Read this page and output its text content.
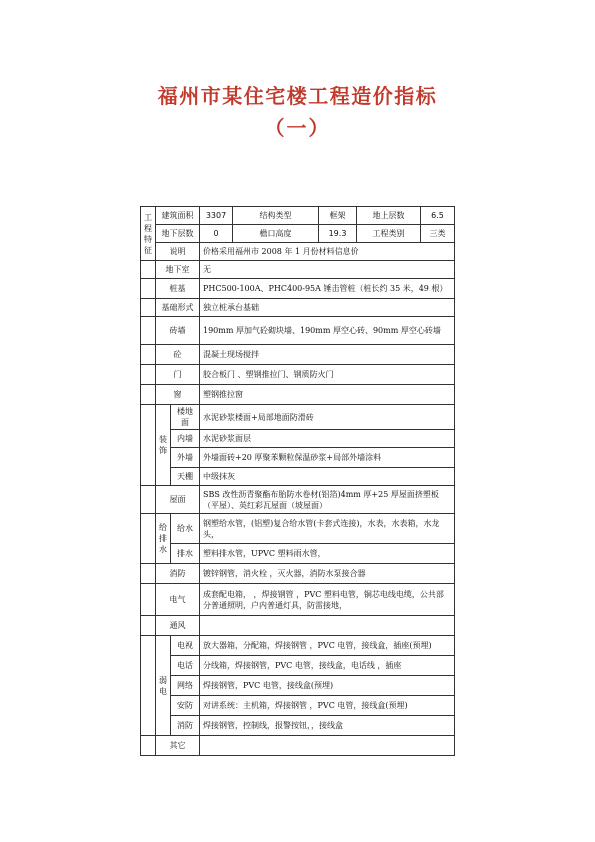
福州市某住宅楼工程造价指标
（一）
工程特征	建筑面积		3307	结构类型	框架	地上层数	6.5
	地下层数		0	檐口高度	19.3	工程类别	三类
	说明		价格采用福州市 2008 年 1 月份材料信息价				
	地下室		无				
	桩基		PHC500-100A、PHC400-95A 锤击管桩（桩长约 35 米，49 根）				
	基础形式		独立桩承台基础				
	砖墙		190mm 厚加气砼砌块墙、190mm 厚空心砖、90mm 厚空心砖墙				
	砼		混凝土现场搅拌				
	门		胶合板门 、塑钢推拉门、钢质防火门				
	窗		塑钢推拉窗				
	装饰	楼地面	水泥砂浆楼面+局部地面防滑砖				
		内墙	水泥砂浆面层				
		外墙	外墙面砖+20 厚聚苯颗粒保温砂浆+局部外墙涂料				
		天棚	中级抹灰				
	屋面		SBS 改性沥青聚酯布胎防水卷材(铝箔)4mm 厚+25 厚屋面挤塑板（平屋）、英红彩瓦屋面（坡屋面）				
	给排水	给水	钢塑给水管，(铝塑)复合给水管(卡套式连接)，水表，水表箱，水龙头，				
		排水	塑料排水管，UPVC 塑料雨水管，				
	消防		镀锌钢管，消火栓 ，灭火器，消防水泵接合器				
	电气		成套配电箱， ，焊接钢管 ，PVC 塑料电管，铜芯电线电缆，公共部分普通照明，户内普通灯具，防雷接地，				
	通风						
	弱电	电视	放大器箱，分配箱，焊接钢管 ，PVC 电管，接线盒，插座(预埋)				
		电话	分线箱，焊接钢管，PVC 电管，接线盒，电话线 ，插座				
		网络	焊接钢管，PVC 电管，接线盒(预埋)				
		安防	对讲系统：主机箱，焊接钢管 ，PVC 电管，接线盒(预埋)				
		消防	焊接钢管，控制线，报警按钮，，接线盒				
	其它						
